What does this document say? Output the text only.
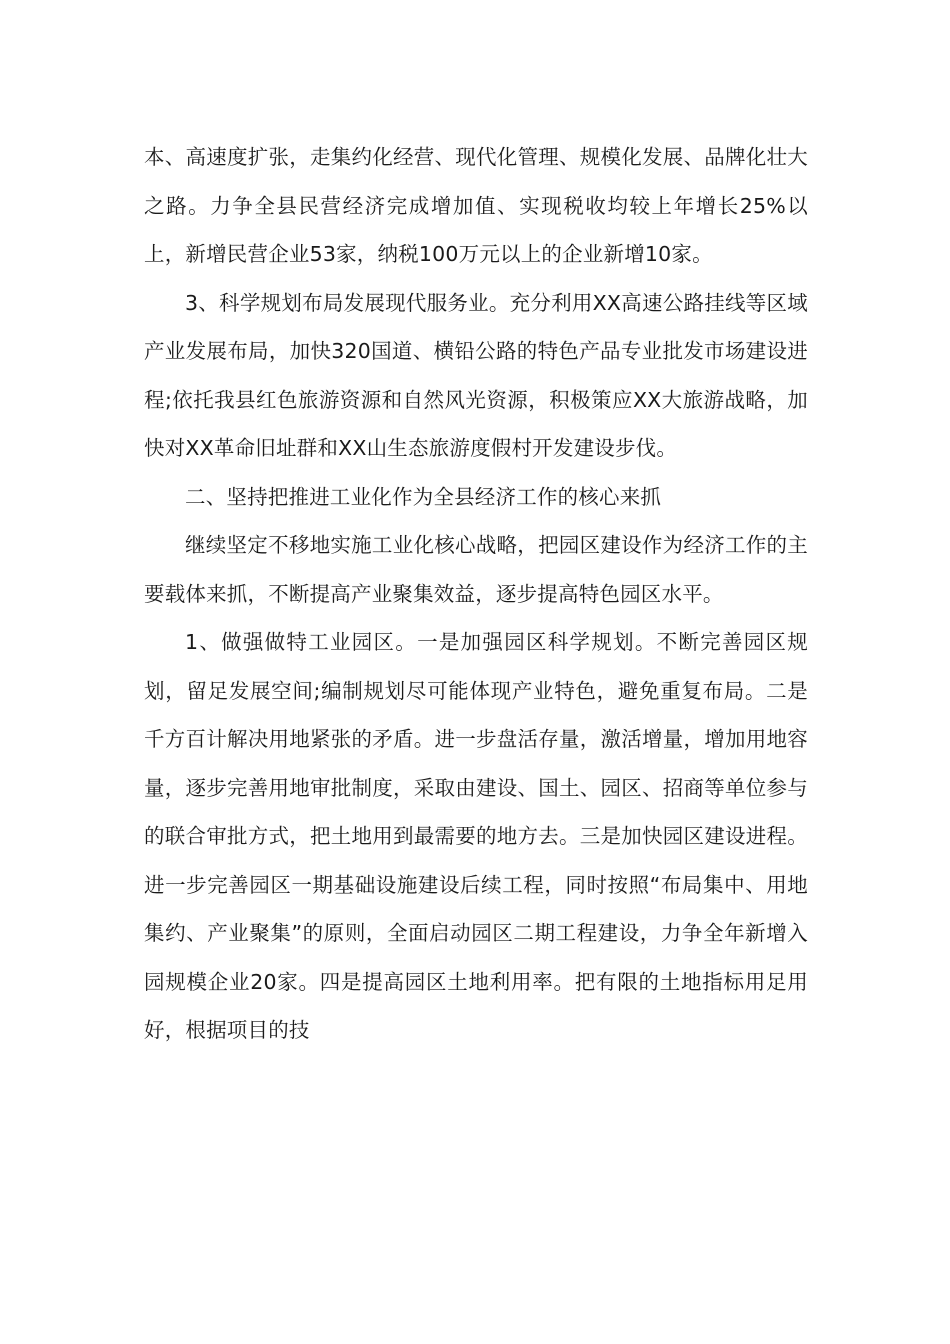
本、高速度扩张，走集约化经营、现代化管理、规模化发展、品牌化壮大之路。力争全县民营经济完成增加值、实现税收均较上年增长25%以上，新增民营企业53家，纳税100万元以上的企业新增10家。

3、科学规划布局发展现代服务业。充分利用XX高速公路挂线等区域产业发展布局，加快320国道、横铅公路的特色产品专业批发市场建设进程;依托我县红色旅游资源和自然风光资源，积极策应XX大旅游战略，加快对XX革命旧址群和XX山生态旅游度假村开发建设步伐。

二、坚持把推进工业化作为全县经济工作的核心来抓

继续坚定不移地实施工业化核心战略，把园区建设作为经济工作的主要载体来抓，不断提高产业聚集效益，逐步提高特色园区水平。

1、做强做特工业园区。一是加强园区科学规划。不断完善园区规划，留足发展空间;编制规划尽可能体现产业特色，避免重复布局。二是千方百计解决用地紧张的矛盾。进一步盘活存量，激活增量，增加用地容量，逐步完善用地审批制度，采取由建设、国土、园区、招商等单位参与的联合审批方式，把土地用到最需要的地方去。三是加快园区建设进程。进一步完善园区一期基础设施建设后续工程，同时按照“布局集中、用地集约、产业聚集”的原则，全面启动园区二期工程建设，力争全年新增入园规模企业20家。四是提高园区土地利用率。把有限的土地指标用足用好，根据项目的技
